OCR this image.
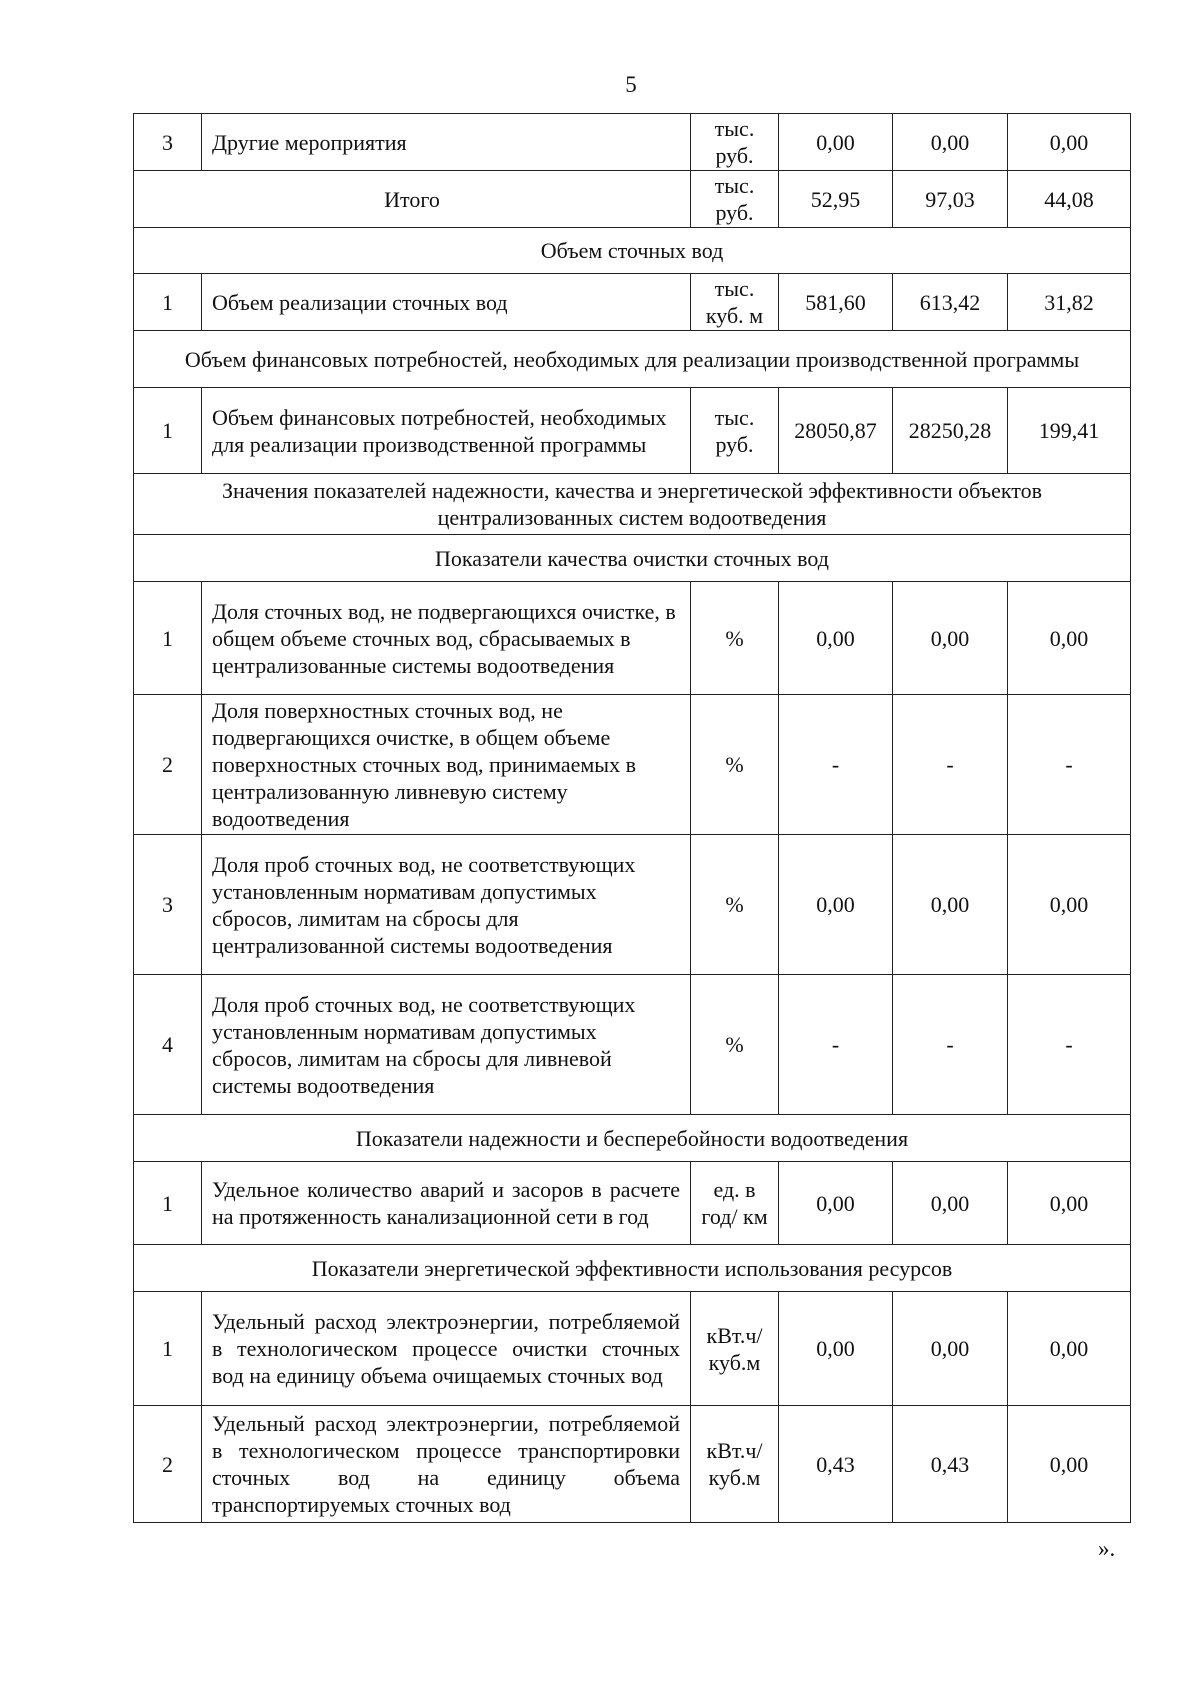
5
3	Другие мероприятия	тыс. руб.	0,00	0,00	0,00
Итого		тыс. руб.	52,95	97,03	44,08
Объем сточных вод					
1	Объем реализации сточных вод	тыс. куб. м	581,60	613,42	31,82
Объем финансовых потребностей, необходимых для реализации производственной программы					
1	Объем финансовых потребностей, необходимых для реализации производственной программы	тыс. руб.	28050,87	28250,28	199,41
Значения показателей надежности, качества и энергетической эффективности объектов централизованных систем водоотведения					
Показатели качества очистки сточных вод					
1	Доля сточных вод, не подвергающихся очистке, в общем объеме сточных вод, сбрасываемых в централизованные системы водоотведения	%	0,00	0,00	0,00
2	Доля поверхностных сточных вод, не подвергающихся очистке, в общем объеме поверхностных сточных вод, принимаемых в централизованную ливневую систему водоотведения	%	-	-	-
3	Доля проб сточных вод, не соответствующих установленным нормативам допустимых сбросов, лимитам на сбросы для централизованной системы водоотведения	%	0,00	0,00	0,00
4	Доля проб сточных вод, не соответствующих установленным нормативам допустимых сбросов, лимитам на сбросы для ливневой системы водоотведения	%	-	-	-
Показатели надежности и бесперебойности водоотведения					
1	Удельное количество аварий и засоров в расчете на протяженность канализационной сети в год	ед. в год/ км	0,00	0,00	0,00
Показатели энергетической эффективности использования ресурсов					
1	Удельный расход электроэнергии, потребляемой в технологическом процессе очистки сточных вод на единицу объема очищаемых сточных вод	кВт.ч/ куб.м	0,00	0,00	0,00
2	Удельный расход электроэнергии, потребляемой в технологическом процессе транспортировки сточных вод на единицу объема транспортируемых сточных вод	кВт.ч/ куб.м	0,43	0,43	0,00
».
